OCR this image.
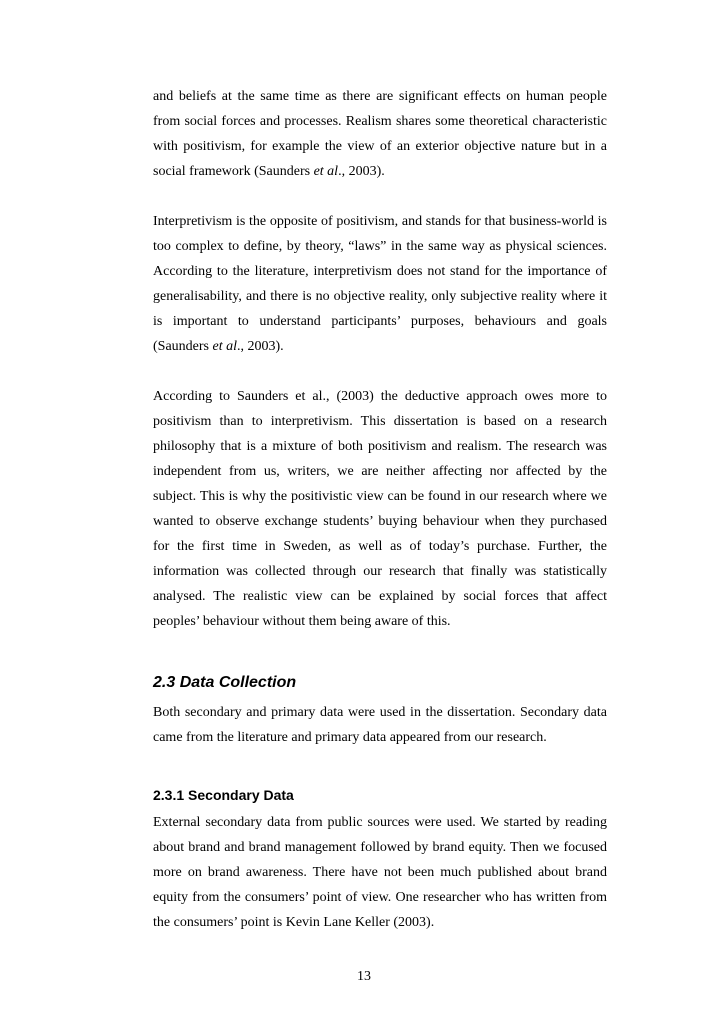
and beliefs at the same time as there are significant effects on human people from social forces and processes. Realism shares some theoretical characteristic with positivism, for example the view of an exterior objective nature but in a social framework (Saunders et al., 2003).

Interpretivism is the opposite of positivism, and stands for that business-world is too complex to define, by theory, “laws” in the same way as physical sciences. According to the literature, interpretivism does not stand for the importance of generalisability, and there is no objective reality, only subjective reality where it is important to understand participants’ purposes, behaviours and goals (Saunders et al., 2003).

According to Saunders et al., (2003) the deductive approach owes more to positivism than to interpretivism. This dissertation is based on a research philosophy that is a mixture of both positivism and realism. The research was independent from us, writers, we are neither affecting nor affected by the subject. This is why the positivistic view can be found in our research where we wanted to observe exchange students’ buying behaviour when they purchased for the first time in Sweden, as well as of today’s purchase. Further, the information was collected through our research that finally was statistically analysed. The realistic view can be explained by social forces that affect peoples’ behaviour without them being aware of this.

2.3 Data Collection

Both secondary and primary data were used in the dissertation. Secondary data came from the literature and primary data appeared from our research.

2.3.1 Secondary Data

External secondary data from public sources were used. We started by reading about brand and brand management followed by brand equity. Then we focused more on brand awareness. There have not been much published about brand equity from the consumers’ point of view. One researcher who has written from the consumers’ point is Kevin Lane Keller (2003).

13
